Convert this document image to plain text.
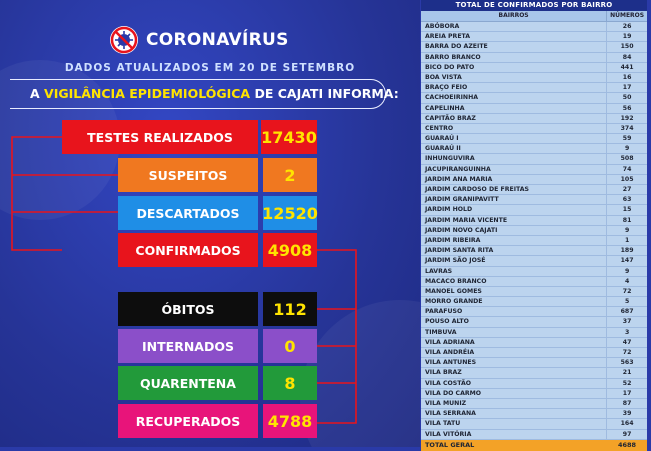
CORONAVÍRUS
DADOS ATUALIZADOS EM 20 DE SETEMBRO
A VIGILÂNCIA EPIDEMIOLÓGICA DE CAJATI INFORMA:
TESTES REALIZADOS	17430
SUSPEITOS	2
DESCARTADOS	12520
CONFIRMADOS	4908
ÓBITOS	112
INTERNADOS	0
QUARENTENA	8
RECUPERADOS	4788
TOTAL DE CONFIRMADOS POR BAIRRO
BAIRROS	NÚMEROS
ABÓBORA	26
AREIA PRETA	19
BARRA DO AZEITE	150
BARRO BRANCO	84
BICO DO PATO	441
BOA VISTA	16
BRAÇO FEIO	17
CACHOEIRINHA	50
CAPELINHA	56
CAPITÃO BRAZ	192
CENTRO	374
GUARAÚ I	59
GUARAÚ II	9
INHUNGUVIRA	508
JACUPIRANGUINHA	74
JARDIM ANA MARIA	105
JARDIM CARDOSO DE FREITAS	27
JARDIM GRANIPAVITT	63
JARDIM HOLD	15
JARDIM MARIA VICENTE	81
JARDIM NOVO CAJATI	9
JARDIM RIBEIRA	1
JARDIM SANTA RITA	189
JARDIM SÃO JOSÉ	147
LAVRAS	9
MACACO BRANCO	4
MANOEL GOMES	72
MORRO GRANDE	5
PARAFUSO	687
POUSO ALTO	37
TIMBUVA	3
VILA ADRIANA	47
VILA ANDRÉIA	72
VILA ANTUNES	563
VILA BRAZ	21
VILA COSTÃO	52
VILA DO CARMO	17
VILA MUNIZ	87
VILA SERRANA	39
VILA TATU	164
VILA VITÓRIA	97
TOTAL GERAL	4688
